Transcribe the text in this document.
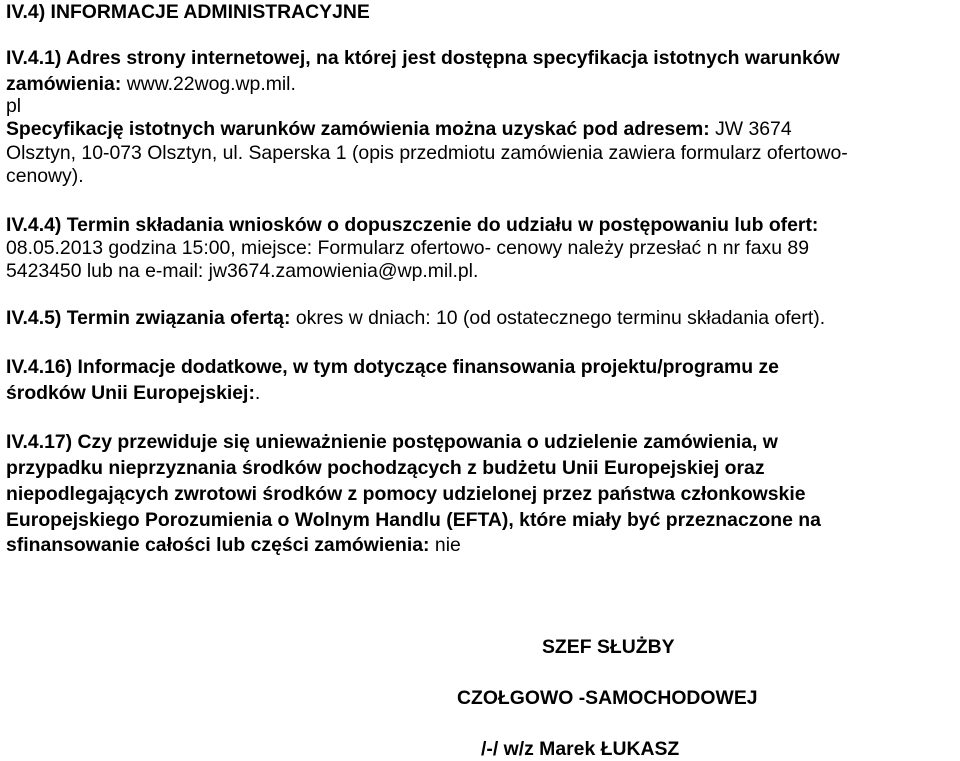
IV.4) INFORMACJE ADMINISTRACYJNE
IV.4.1) Adres strony internetowej, na której jest dostępna specyfikacja istotnych warunków
zamówienia: www.22wog.wp.mil.
pl
Specyfikację istotnych warunków zamówienia można uzyskać pod adresem: JW 3674
Olsztyn, 10-073 Olsztyn, ul. Saperska 1 (opis przedmiotu zamówienia zawiera formularz ofertowo-
cenowy).
IV.4.4) Termin składania wniosków o dopuszczenie do udziału w postępowaniu lub ofert:
08.05.2013 godzina 15:00, miejsce: Formularz ofertowo- cenowy należy przesłać n nr faxu 89
5423450 lub na e-mail: jw3674.zamowienia@wp.mil.pl.
IV.4.5) Termin związania ofertą: okres w dniach: 10 (od ostatecznego terminu składania ofert).
IV.4.16) Informacje dodatkowe, w tym dotyczące finansowania projektu/programu ze
środków Unii Europejskiej:.
IV.4.17) Czy przewiduje się unieważnienie postępowania o udzielenie zamówienia, w
przypadku nieprzyznania środków pochodzących z budżetu Unii Europejskiej oraz
niepodlegających zwrotowi środków z pomocy udzielonej przez państwa członkowskie
Europejskiego Porozumienia o Wolnym Handlu (EFTA), które miały być przeznaczone na
sfinansowanie całości lub części zamówienia: nie
SZEF SŁUŻBY
CZOŁGOWO -SAMOCHODOWEJ
/-/ w/z Marek ŁUKASZ
